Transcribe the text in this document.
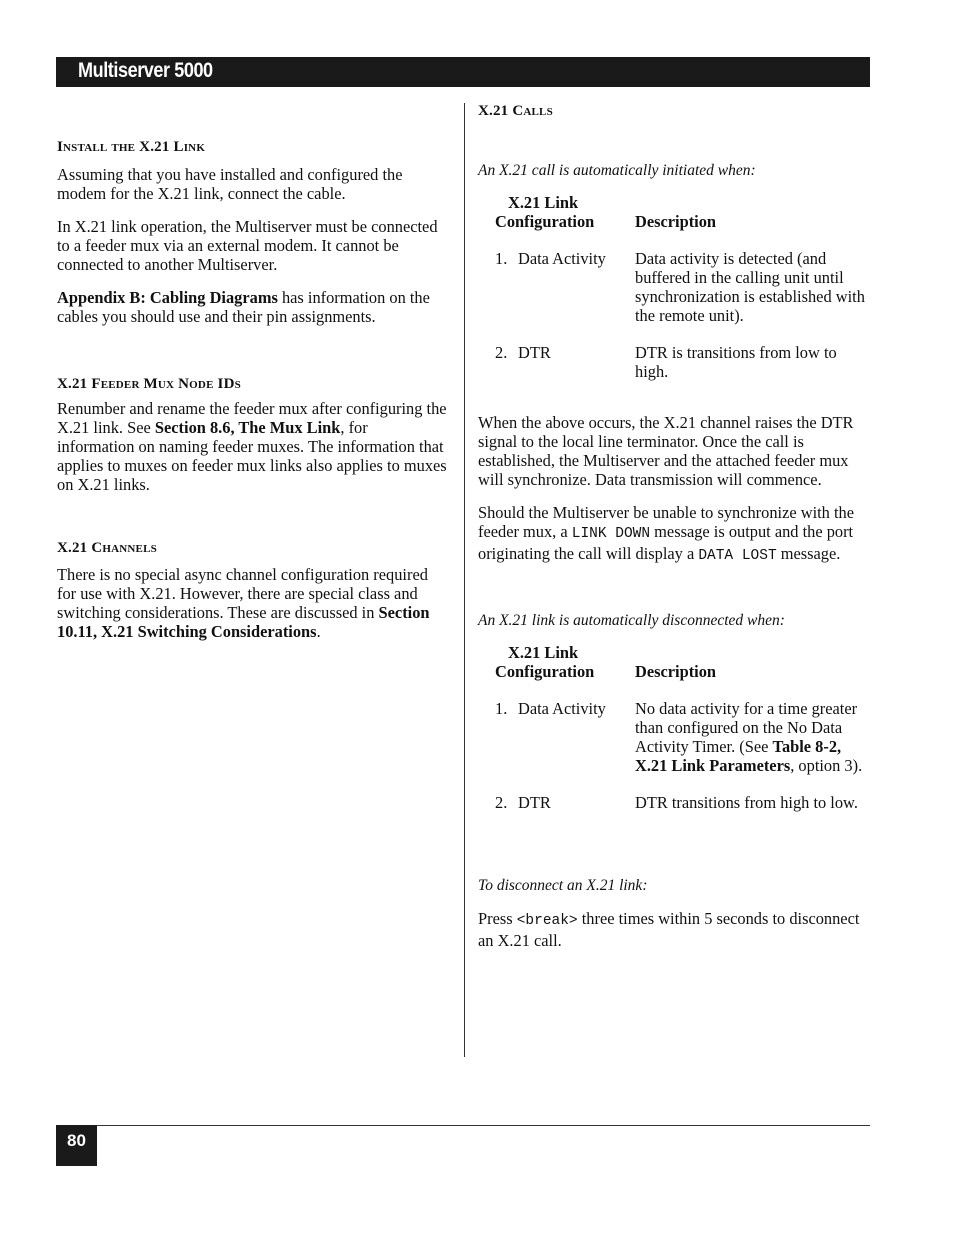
Multiserver 5000
Install the X.21 Link

Assuming that you have installed and configured the modem for the X.21 link, connect the cable.

In X.21 link operation, the Multiserver must be connected to a feeder mux via an external modem. It cannot be connected to another Multiserver.

Appendix B: Cabling Diagrams has information on the cables you should use and their pin assignments.

X.21 Feeder Mux Node IDs

Renumber and rename the feeder mux after configuring the X.21 link. See Section 8.6, The Mux Link, for information on naming feeder muxes. The information that applies to muxes on feeder mux links also applies to muxes on X.21 links.

X.21 Channels

There is no special async channel configuration required for use with X.21. However, there are special class and switching considerations. These are discussed in Section 10.11, X.21 Switching Considerations.

X.21 Calls

An X.21 call is automatically initiated when:

X.21 Link
Configuration	Description
1. Data Activity	Data activity is detected (and buffered in the calling unit until synchronization is established with the remote unit).
2. DTR	DTR is transitions from low to high.

When the above occurs, the X.21 channel raises the DTR signal to the local line terminator. Once the call is established, the Multiserver and the attached feeder mux will synchronize. Data transmission will commence.

Should the Multiserver be unable to synchronize with the feeder mux, a LINK DOWN message is output and the port originating the call will display a DATA LOST message.

An X.21 link is automatically disconnected when:

X.21 Link
Configuration	Description
1. Data Activity	No data activity for a time greater than configured on the No Data Activity Timer. (See Table 8-2, X.21 Link Parameters, option 3).
2. DTR	DTR transitions from high to low.

To disconnect an X.21 link:

Press <break> three times within 5 seconds to disconnect an X.21 call.

80
